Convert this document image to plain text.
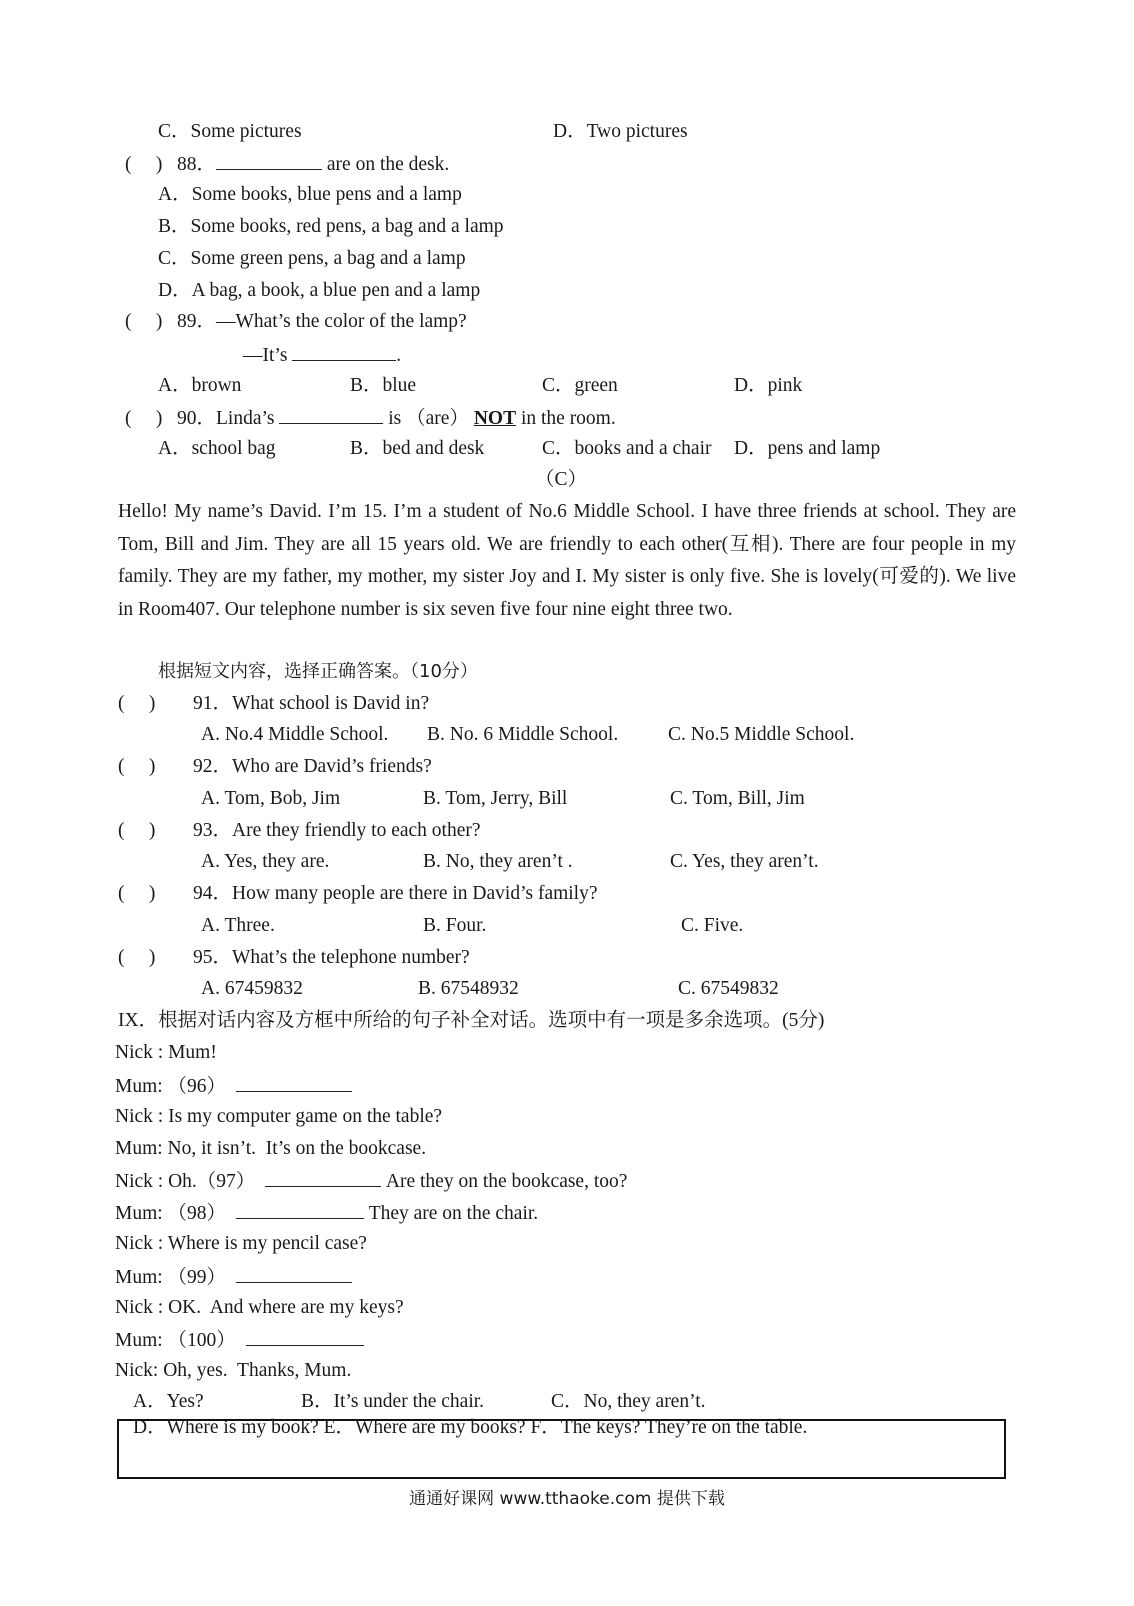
C．Some pictures	D．Two pictures
(　 ) 88．	are on the desk.
A．Some books, blue pens and a lamp
B．Some books, red pens, a bag and a lamp
C．Some green pens, a bag and a lamp
D．A bag, a book, a blue pen and a lamp
(　 ) 89．—What’s the color of the lamp?
—It’s	.
A．brown	B．blue	C．green	D．pink
(　 ) 90．Linda’s	is （are） NOT in the room.
A．school bag	B．bed and desk	C．books and a chair D．pens and lamp
（C）
Hello! My name’s David. I’m 15. I’m a student of No.6 Middle School. I have three friends at school. They are Tom, Bill and Jim. They are all 15 years old. We are friendly to each other(互相). There are four people in my family. They are my father, my mother, my sister Joy and I. My sister is only five. She is lovely(可爱的). We live in Room407. Our telephone number is six seven five four nine eight three two.
根据短文内容，选择正确答案。（10分）
(　 ) 91．What school is David in?
A. No.4 Middle School. B. No. 6 Middle School.	C. No.5 Middle School.
(　 ) 92．Who are David’s friends?
A. Tom, Bob, Jim	B. Tom, Jerry, Bill	C. Tom, Bill, Jim
(　 ) 93．Are they friendly to each other?
A. Yes, they are.	B. No, they aren’t .	C. Yes, they aren’t.
(　 ) 94．How many people are there in David’s family?
A. Three.	B. Four.	C. Five.
(　 ) 95．What’s the telephone number?
A. 67459832	B. 67548932	C. 67549832
IX．根据对话内容及方框中所给的句子补全对话。选项中有一项是多余选项。(5分)
Nick : Mum!
Mum: （96）
Nick : Is my computer game on the table?
Mum: No, it isn’t.  It’s on the bookcase.
Nick : Oh.（97）	Are they on the bookcase, too?
Mum: （98）	They are on the chair.
Nick : Where is my pencil case?
Mum: （99）
Nick : OK.  And where are my keys?
Mum: （100）
Nick: Oh, yes.  Thanks, Mum.
A．Yes?	B．It’s under the chair.	C．No, they aren’t.
D．Where is my book? E．Where are my books? F．The keys? They’re on the table.
通通好课网 www.tthaoke.com 提供下载
